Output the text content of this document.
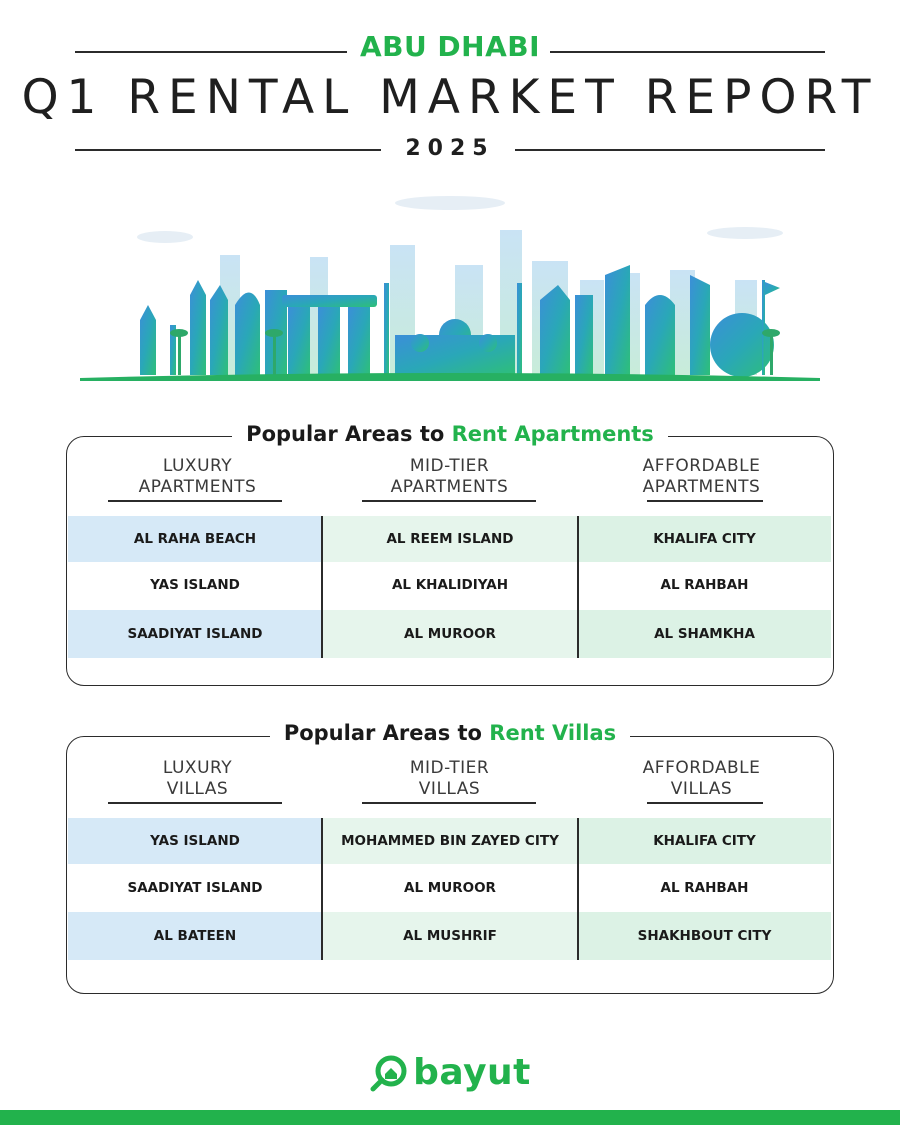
ABU DHABI
Q1 RENTAL MARKET REPORT
2025
Popular Areas to Rent Apartments
LUXURY
APARTMENTS
MID-TIER
APARTMENTS
AFFORDABLE
APARTMENTS
AL RAHA BEACH
YAS ISLAND
SAADIYAT ISLAND
AL REEM ISLAND
AL KHALIDIYAH
AL MUROOR
KHALIFA CITY
AL RAHBAH
AL SHAMKHA
Popular Areas to Rent Villas
LUXURY
VILLAS
MID-TIER
VILLAS
AFFORDABLE
VILLAS
YAS ISLAND
SAADIYAT ISLAND
AL BATEEN
MOHAMMED BIN ZAYED CITY
AL MUROOR
AL MUSHRIF
KHALIFA CITY
AL RAHBAH
SHAKHBOUT CITY
bayut
